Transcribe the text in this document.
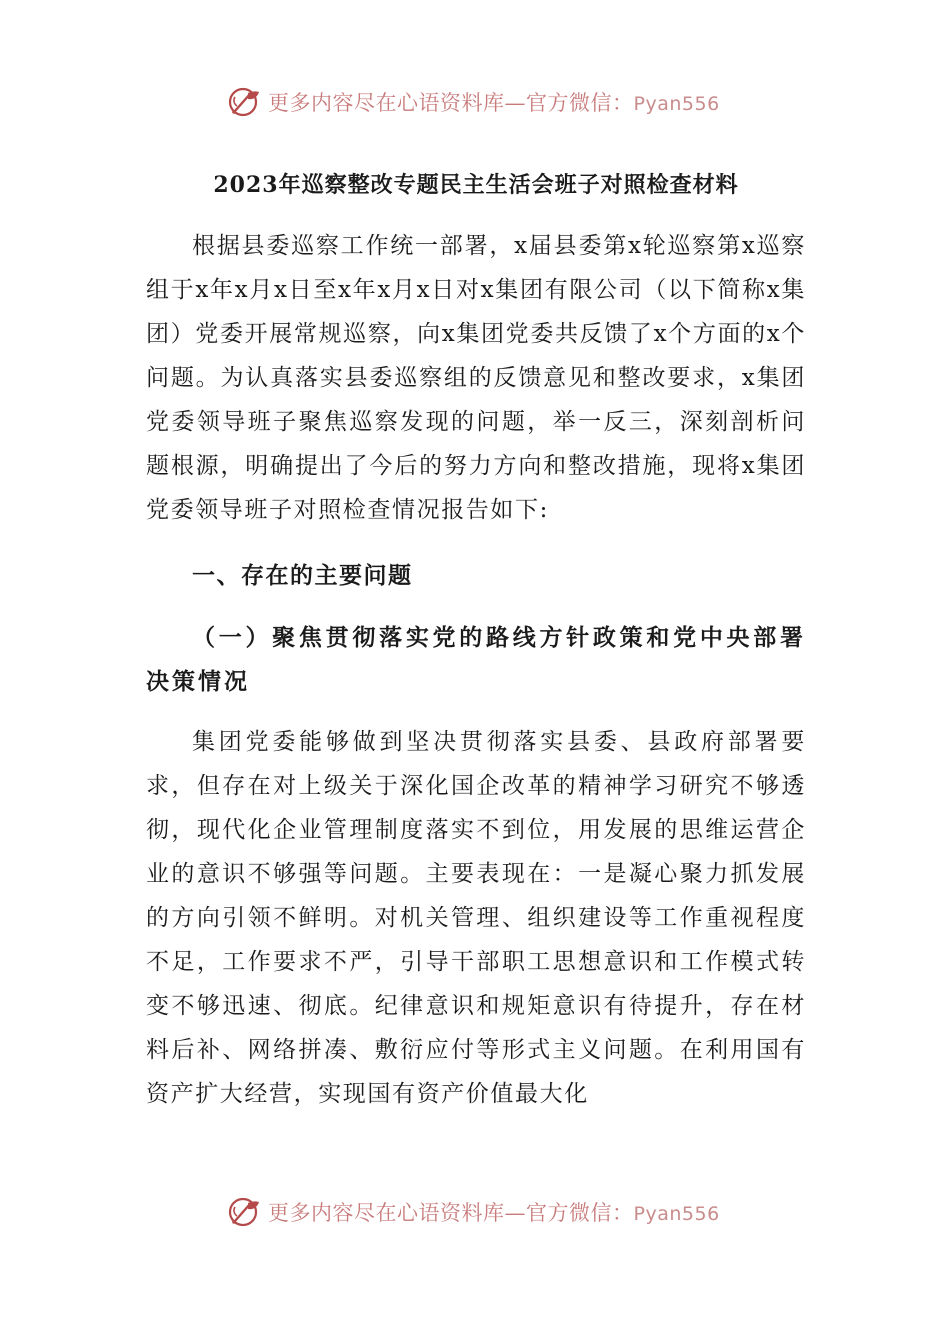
更多内容尽在心语资料库—官方微信：Pyan556
2023年巡察整改专题民主生活会班子对照检查材料

根据县委巡察工作统一部署，x届县委第x轮巡察第x巡察组于x年x月x日至x年x月x日对x集团有限公司（以下简称x集团）党委开展常规巡察，向x集团党委共反馈了x个方面的x个问题。为认真落实县委巡察组的反馈意见和整改要求，x集团党委领导班子聚焦巡察发现的问题，举一反三，深刻剖析问题根源，明确提出了今后的努力方向和整改措施，现将x集团党委领导班子对照检查情况报告如下:

一、存在的主要问题
（一）聚焦贯彻落实党的路线方针政策和党中央部署决策情况

集团党委能够做到坚决贯彻落实县委、县政府部署要求，但存在对上级关于深化国企改革的精神学习研究不够透彻，现代化企业管理制度落实不到位，用发展的思维运营企业的意识不够强等问题。主要表现在：一是凝心聚力抓发展的方向引领不鲜明。对机关管理、组织建设等工作重视程度不足，工作要求不严，引导干部职工思想意识和工作模式转变不够迅速、彻底。纪律意识和规矩意识有待提升，存在材料后补、网络拼凑、敷衍应付等形式主义问题。在利用国有资产扩大经营，实现国有资产价值最大化

更多内容尽在心语资料库—官方微信：Pyan556
